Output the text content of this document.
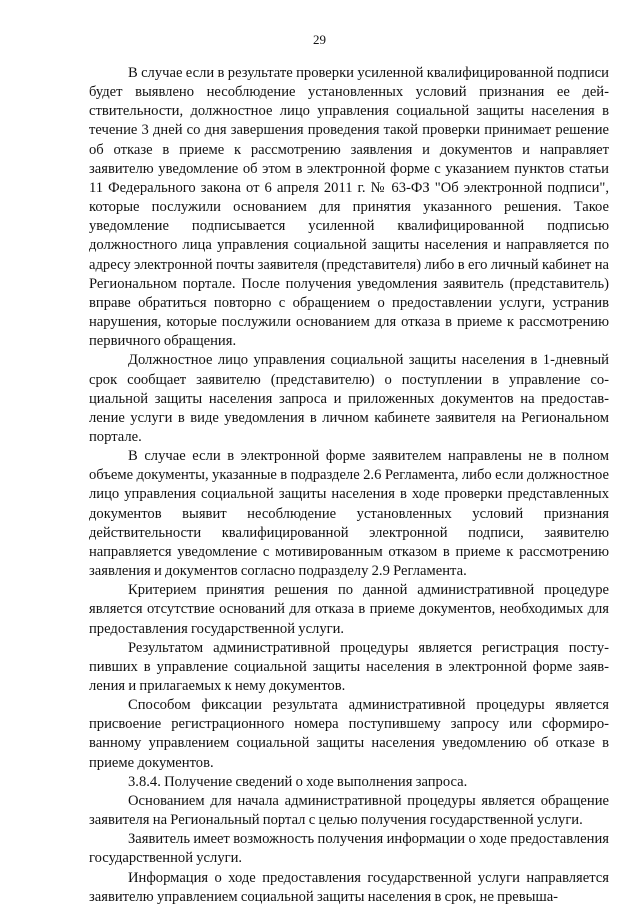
29

В случае если в результате проверки усиленной квалифицированной подписи будет выявлено несоблюдение установленных условий признания ее действительности, должностное лицо управления социальной защиты населения в течение 3 дней со дня завершения проведения такой проверки принимает решение об отказе в приеме к рассмотрению заявления и документов и направляет заявителю уведомление об этом в электронной форме с указанием пунктов статьи 11 Федерального закона от 6 апреля 2011 г. № 63-ФЗ "Об электронной подписи", которые послужили основанием для принятия указанного решения. Такое уведомление подписывается усиленной квалифицированной подписью должностного лица управления социальной защиты населения и направляется по адресу электронной почты заявителя (представителя) либо в его личный кабинет на Региональном портале. После получения уведомления заявитель (представитель) вправе обратиться повторно с обращением о предоставлении услуги, устранив нарушения, которые послужили основанием для отказа в приеме к рассмотрению первичного обращения.

Должностное лицо управления социальной защиты населения в 1-дневный срок сообщает заявителю (представителю) о поступлении в управление социальной защиты населения запроса и приложенных документов на предоставление услуги в виде уведомления в личном кабинете заявителя на Региональном портале.

В случае если в электронной форме заявителем направлены не в полном объеме документы, указанные в подразделе 2.6 Регламента, либо если должностное лицо управления социальной защиты населения в ходе проверки представленных документов выявит несоблюдение установленных условий признания действительности квалифицированной электронной подписи, заявителю направляется уведомление с мотивированным отказом в приеме к рассмотрению заявления и документов согласно подразделу 2.9 Регламента.

Критерием принятия решения по данной административной процедуре является отсутствие оснований для отказа в приеме документов, необходимых для предоставления государственной услуги.

Результатом административной процедуры является регистрация поступивших в управление социальной защиты населения в электронной форме заявления и прилагаемых к нему документов.

Способом фиксации результата административной процедуры является присвоение регистрационного номера поступившему запросу или сформированному управлением социальной защиты населения уведомлению об отказе в приеме документов.

3.8.4. Получение сведений о ходе выполнения запроса.

Основанием для начала административной процедуры является обращение заявителя на Региональный портал с целью получения государственной услуги.

Заявитель имеет возможность получения информации о ходе предоставления государственной услуги.

Информация о ходе предоставления государственной услуги направляется заявителю управлением социальной защиты населения в срок, не превыша-
